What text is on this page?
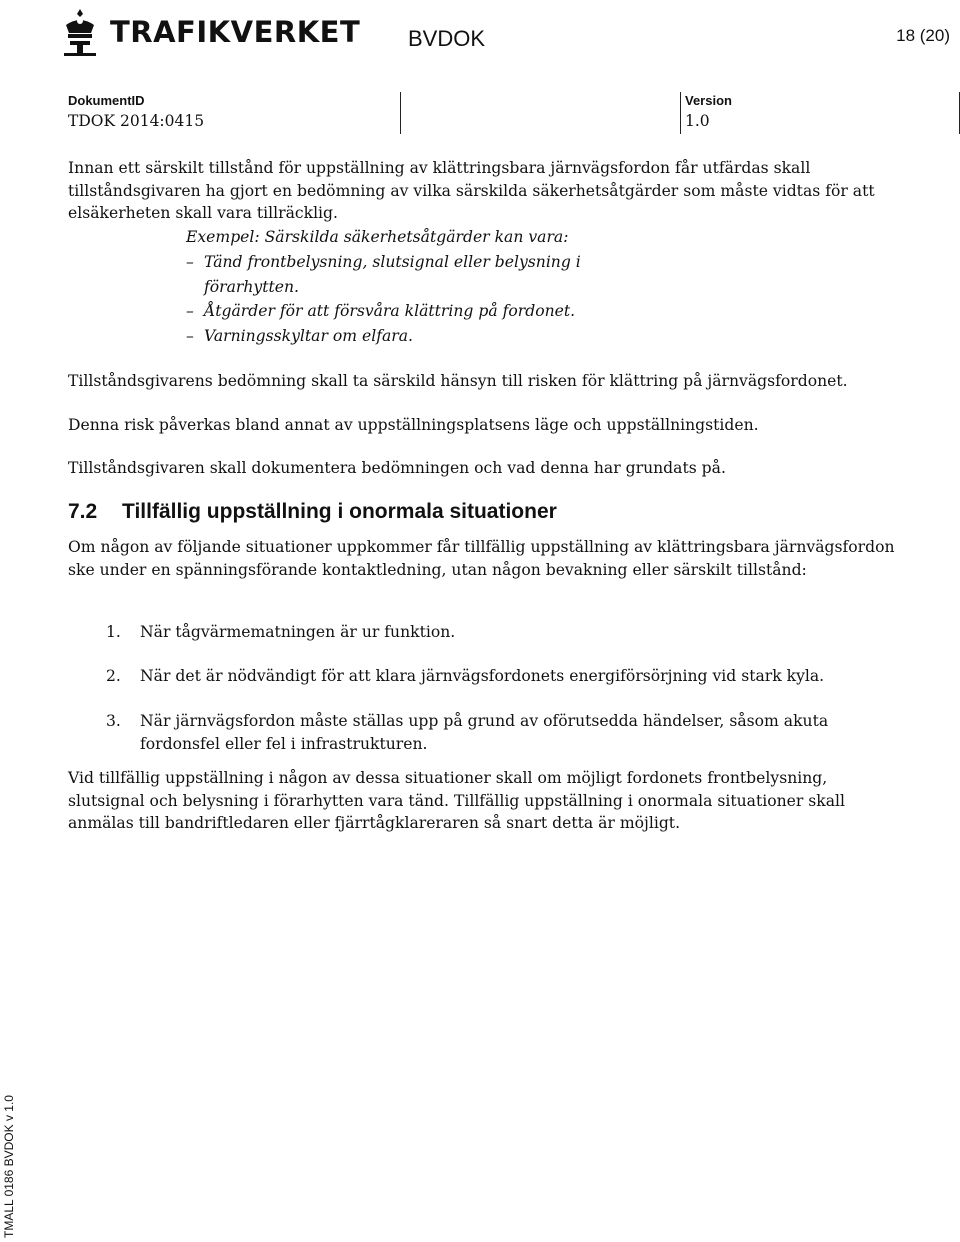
TRAFIKVERKET BVDOK	18 (20)
DokumentID
TDOK 2014:0415
Version
1.0

Innan ett särskilt tillstånd för uppställning av klättringsbara järnvägsfordon får utfärdas skall tillståndsgivaren ha gjort en bedömning av vilka särskilda säkerhetsåtgärder som måste vidtas för att elsäkerheten skall vara tillräcklig.

Exempel: Särskilda säkerhetsåtgärder kan vara:

– Tänd frontbelysning, slutsignal eller belysning i förarhytten.
– Åtgärder för att försvåra klättring på fordonet.
– Varningsskyltar om elfara.

Tillståndsgivarens bedömning skall ta särskild hänsyn till risken för klättring på järnvägsfordonet.

Denna risk påverkas bland annat av uppställningsplatsens läge och uppställningstiden.

Tillståndsgivaren skall dokumentera bedömningen och vad denna har grundats på.

7.2	Tillfällig uppställning i onormala situationer

Om någon av följande situationer uppkommer får tillfällig uppställning av klättringsbara järnvägsfordon ske under en spänningsförande kontaktledning, utan någon bevakning eller särskilt tillstånd:

1. När tågvärmematningen är ur funktion.
2. När det är nödvändigt för att klara järnvägsfordonets energiförsörjning vid stark kyla.
3. När järnvägsfordon måste ställas upp på grund av oförutsedda händelser, såsom akuta fordonsfel eller fel i infrastrukturen.

Vid tillfällig uppställning i någon av dessa situationer skall om möjligt fordonets frontbelysning, slutsignal och belysning i förarhytten vara tänd. Tillfällig uppställning i onormala situationer skall anmälas till bandriftledaren eller fjärrtågklareraren så snart detta är möjligt.

TMALL 0186 BVDOK v 1.0
